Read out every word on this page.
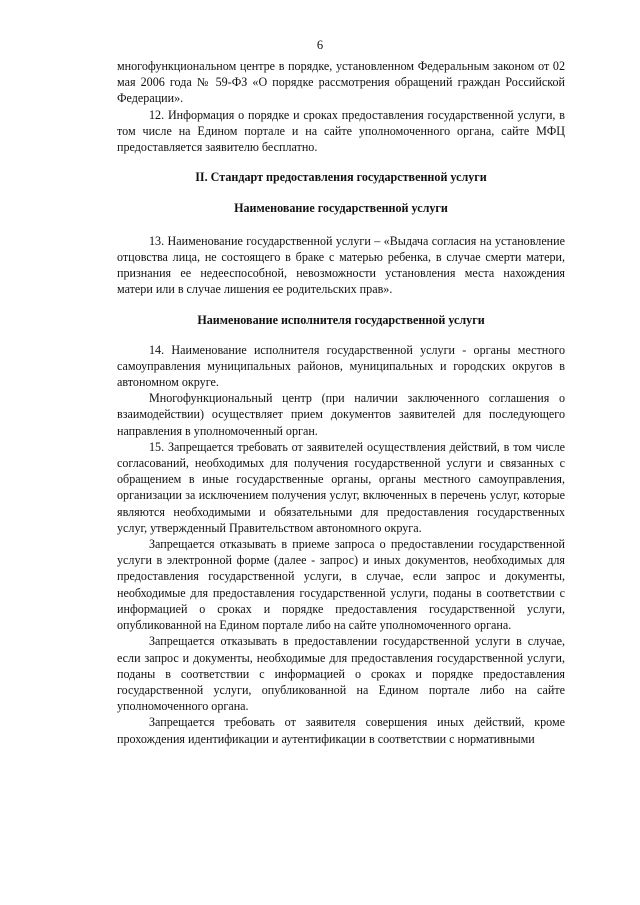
6

многофункциональном центре в порядке, установленном Федеральным законом от 02 мая 2006 года № 59-ФЗ «О порядке рассмотрения обращений граждан Российской Федерации».

12. Информация о порядке и сроках предоставления государственной услуги, в том числе на Едином портале и на сайте уполномоченного органа, сайте МФЦ предоставляется заявителю бесплатно.

II. Стандарт предоставления государственной услуги
Наименование государственной услуги

13. Наименование государственной услуги – «Выдача согласия на установление отцовства лица, не состоящего в браке с матерью ребенка, в случае смерти матери, признания ее недееспособной, невозможности установления места нахождения матери или в случае лишения ее родительских прав».

Наименование исполнителя государственной услуги

14. Наименование исполнителя государственной услуги - органы местного самоуправления муниципальных районов, муниципальных и городских округов в автономном округе.

Многофункциональный центр (при наличии заключенного соглашения о взаимодействии) осуществляет прием документов заявителей для последующего направления в уполномоченный орган.

15. Запрещается требовать от заявителей осуществления действий, в том числе согласований, необходимых для получения государственной услуги и связанных с обращением в иные государственные органы, органы местного самоуправления, организации за исключением получения услуг, включенных в перечень услуг, которые являются необходимыми и обязательными для предоставления государственных услуг, утвержденный Правительством автономного округа.

Запрещается отказывать в приеме запроса о предоставлении государственной услуги в электронной форме (далее - запрос) и иных документов, необходимых для предоставления государственной услуги, в случае, если запрос и документы, необходимые для предоставления государственной услуги, поданы в соответствии с информацией о сроках и порядке предоставления государственной услуги, опубликованной на Едином портале либо на сайте уполномоченного органа.

Запрещается отказывать в предоставлении государственной услуги в случае, если запрос и документы, необходимые для предоставления государственной услуги, поданы в соответствии с информацией о сроках и порядке предоставления государственной услуги, опубликованной на Едином портале либо на сайте уполномоченного органа.

Запрещается требовать от заявителя совершения иных действий, кроме прохождения идентификации и аутентификации в соответствии с нормативными
